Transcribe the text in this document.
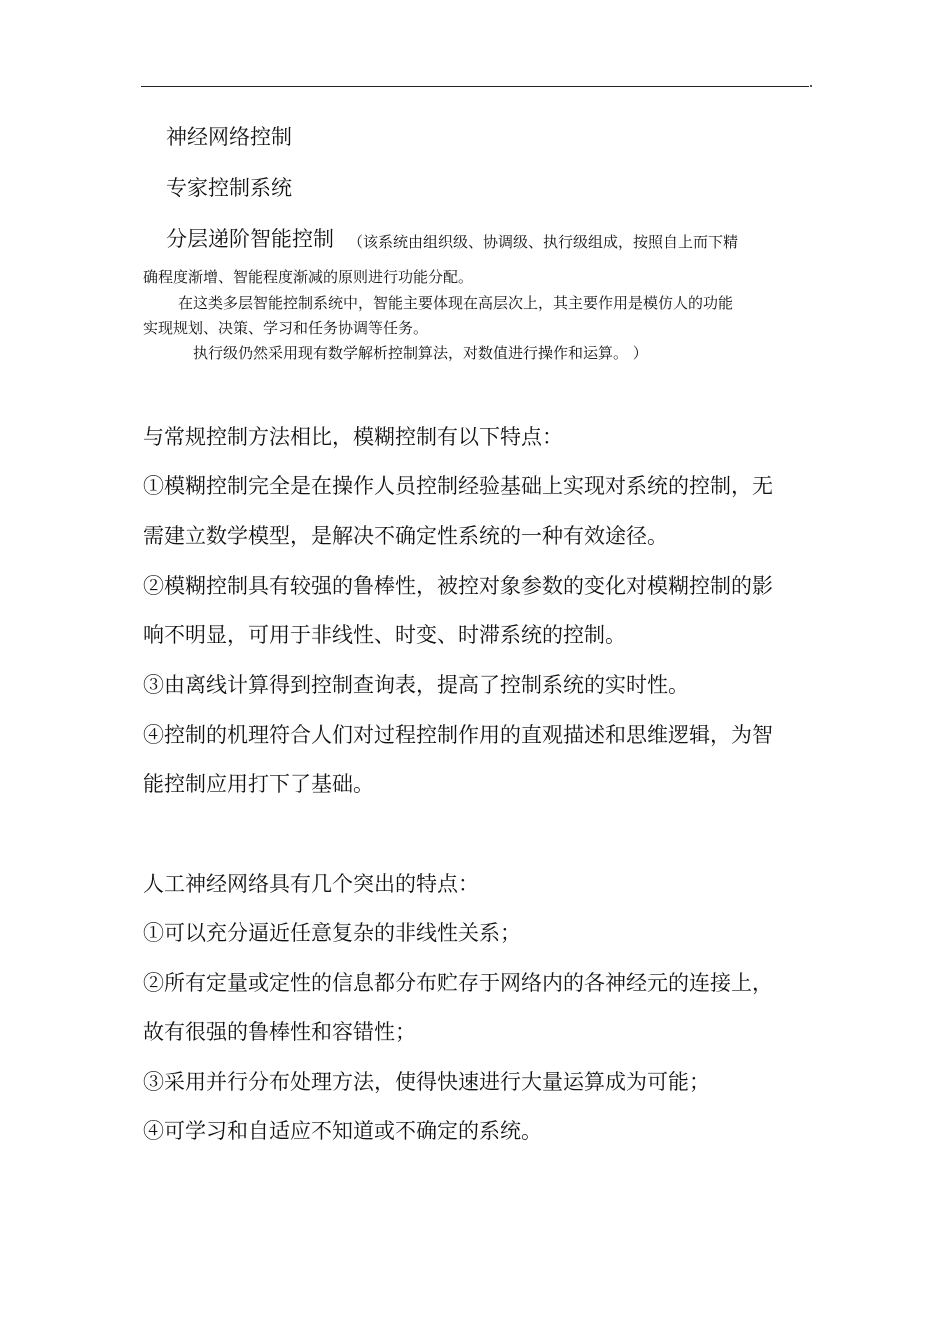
神经网络控制

专家控制系统

分层递阶智能控制 （该系统由组织级、协调级、执行级组成，按照自上而下精

确程度渐增、智能程度渐减的原则进行功能分配。

在这类多层智能控制系统中，智能主要体现在高层次上，其主要作用是模仿人的功能

实现规划、决策、学习和任务协调等任务。

执行级仍然采用现有数学解析控制算法，对数值进行操作和运算。 ）

与常规控制方法相比，模糊控制有以下特点：

①模糊控制完全是在操作人员控制经验基础上实现对系统的控制，无

需建立数学模型，是解决不确定性系统的一种有效途径。

②模糊控制具有较强的鲁棒性，被控对象参数的变化对模糊控制的影

响不明显，可用于非线性、时变、时滞系统的控制。

③由离线计算得到控制查询表，提高了控制系统的实时性。

④控制的机理符合人们对过程控制作用的直观描述和思维逻辑，为智

能控制应用打下了基础。

人工神经网络具有几个突出的特点：

①可以充分逼近任意复杂的非线性关系；

②所有定量或定性的信息都分布贮存于网络内的各神经元的连接上，

故有很强的鲁棒性和容错性；

③采用并行分布处理方法，使得快速进行大量运算成为可能；

④可学习和自适应不知道或不确定的系统。
